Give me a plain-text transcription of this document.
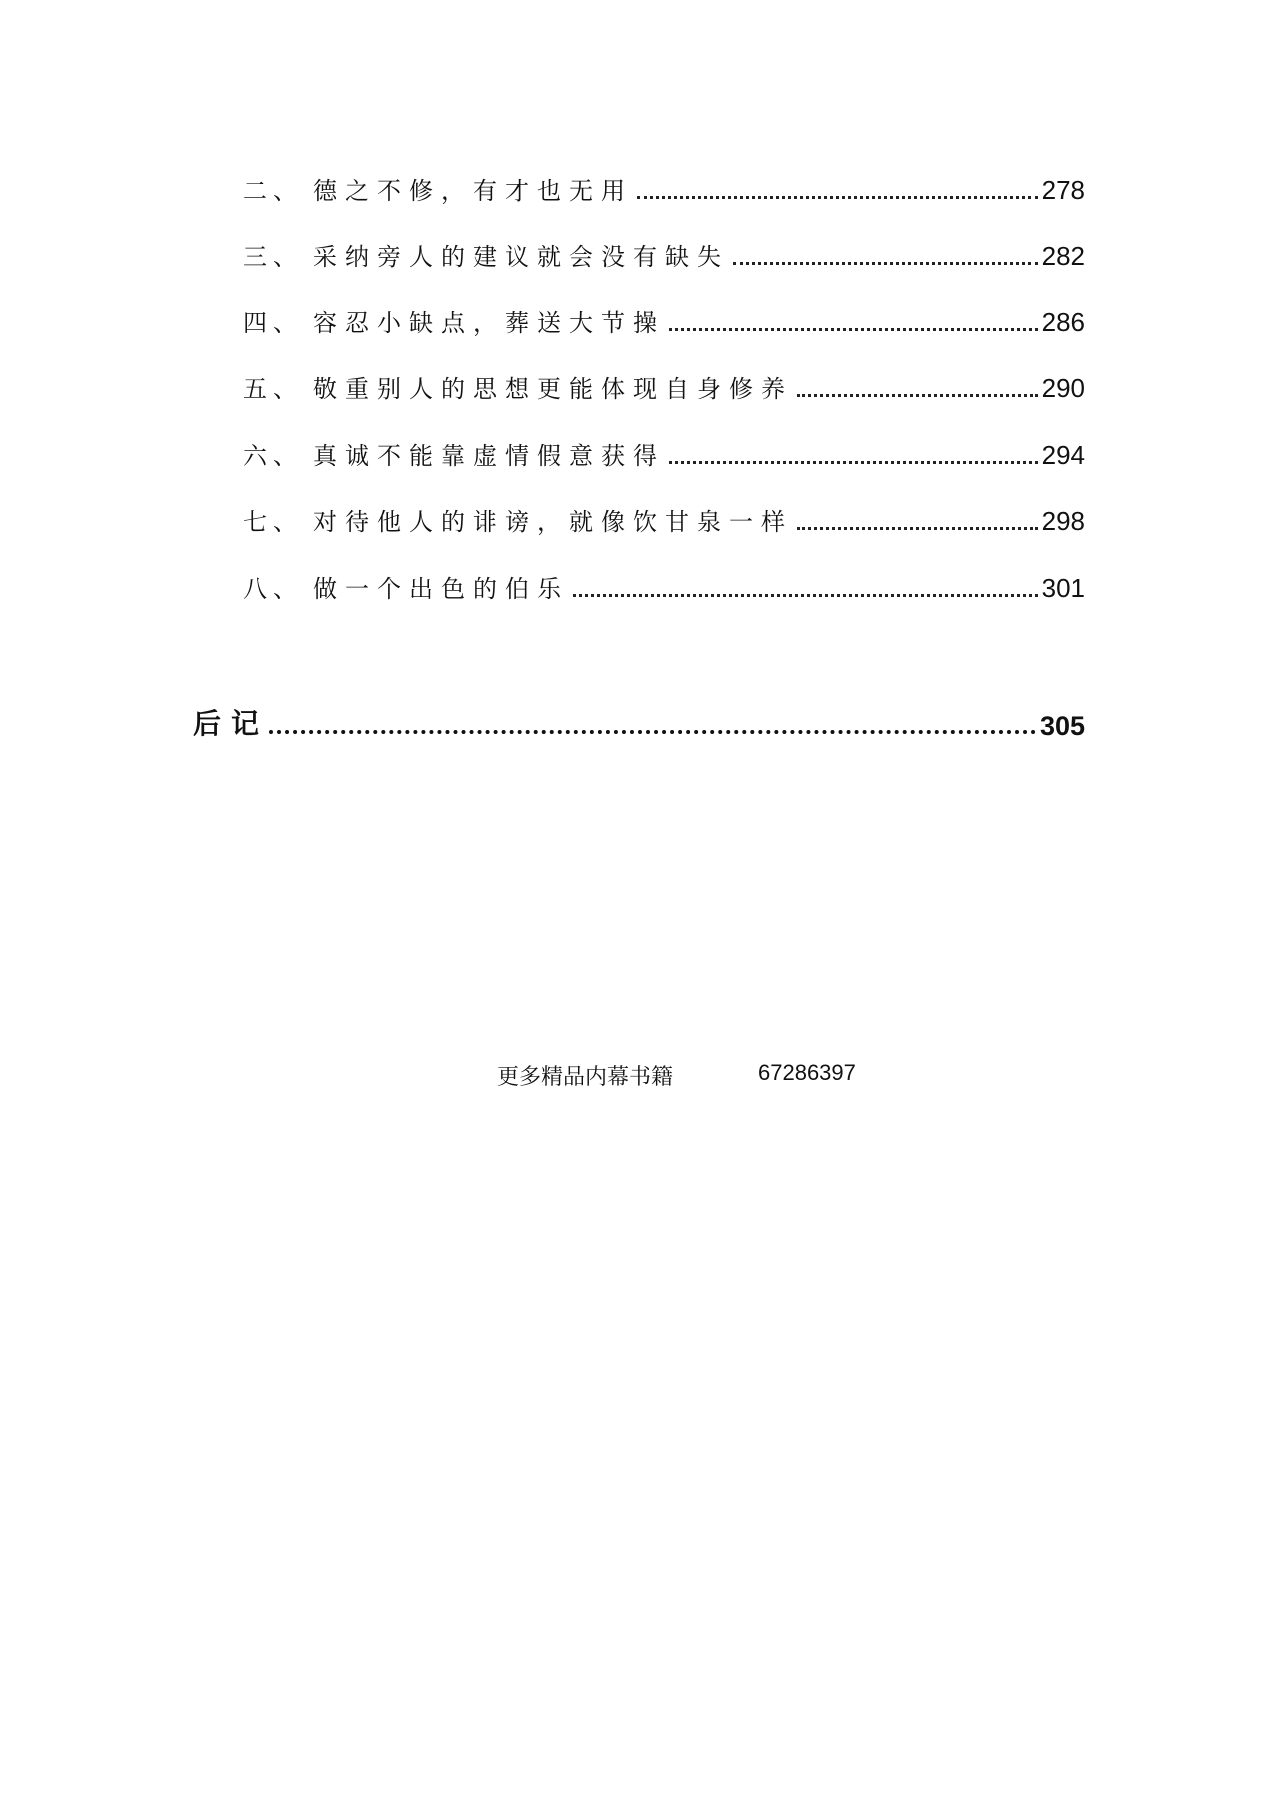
二、 德之不修，有才也无用	278
三、 采纳旁人的建议就会没有缺失	282
四、 容忍小缺点，葬送大节操	286
五、 敬重别人的思想更能体现自身修养	290
六、 真诚不能靠虚情假意获得	294
七、 对待他人的诽谤，就像饮甘泉一样	298
八、 做一个出色的伯乐	301
后记	305
更多精品内幕书籍	67286397
